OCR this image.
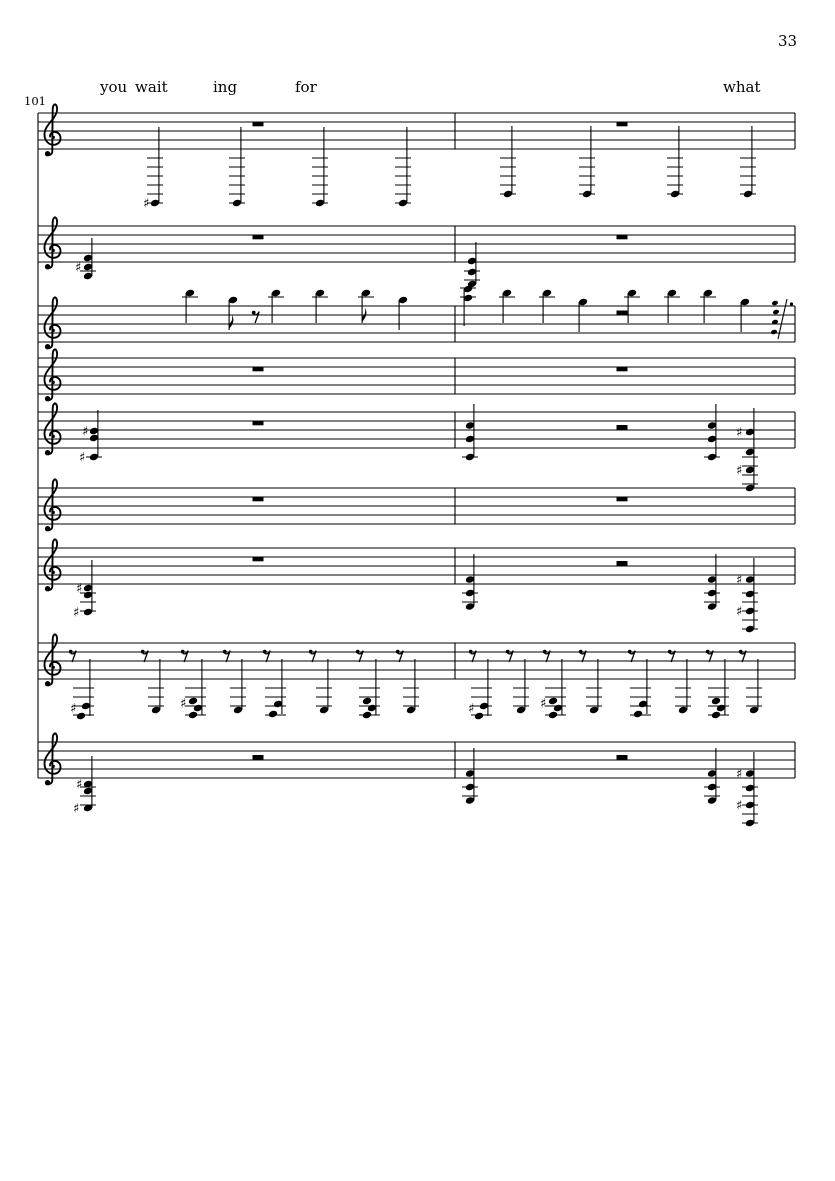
33
101
you wait	ing	for	what
♯
♯
♯
♯
♯
♯
♯
♯
♯
♯
♯	♯	♯	♯
♯
♯
♯
♯
